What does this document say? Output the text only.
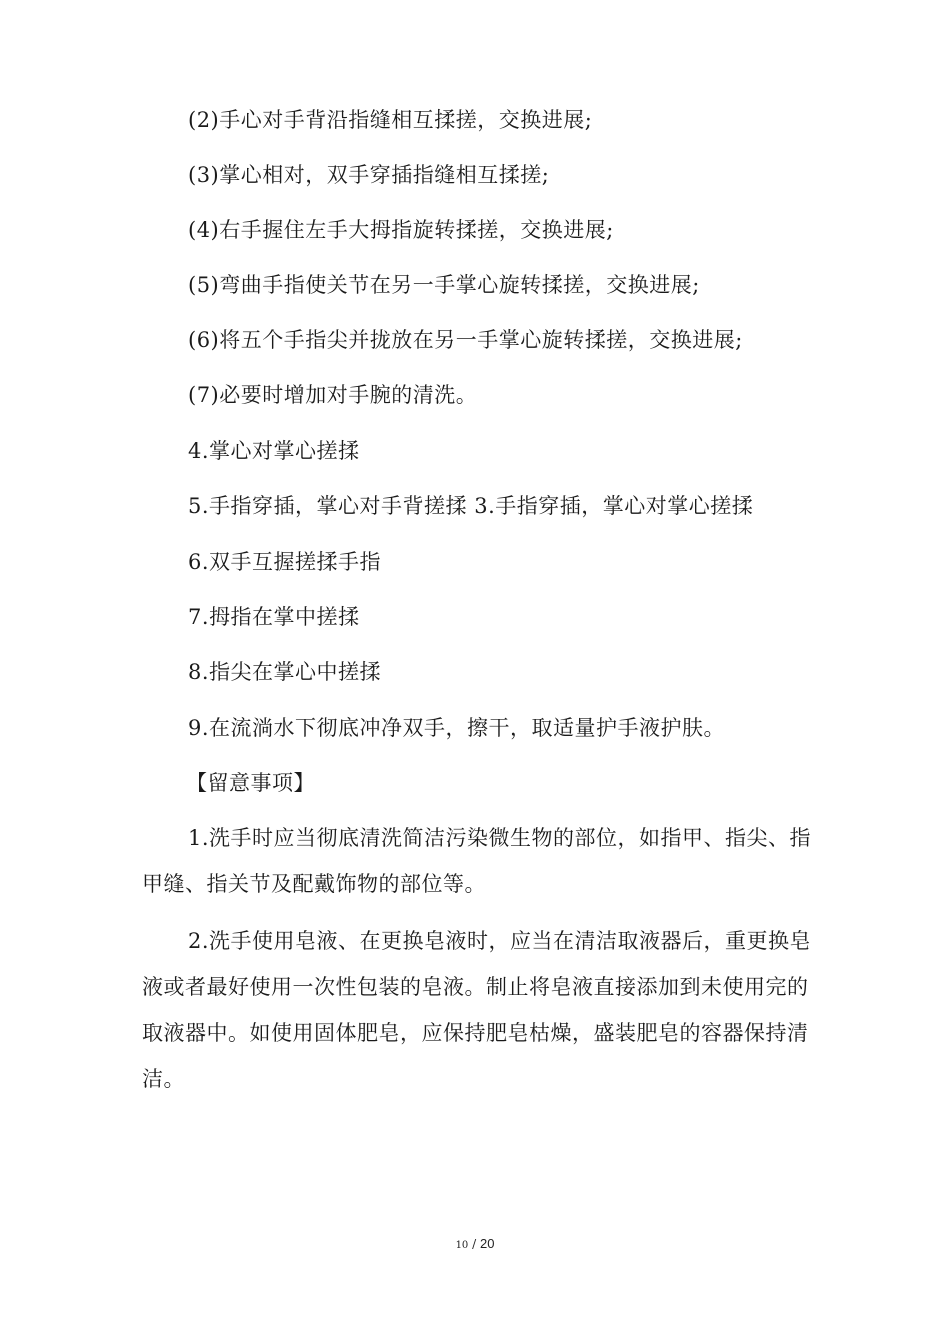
(2)手心对手背沿指缝相互揉搓，交换进展;
(3)掌心相对，双手穿插指缝相互揉搓;
(4)右手握住左手大拇指旋转揉搓，交换进展;
(5)弯曲手指使关节在另一手掌心旋转揉搓，交换进展;
(6)将五个手指尖并拢放在另一手掌心旋转揉搓，交换进展;
(7)必要时增加对手腕的清洗。
4.掌心对掌心搓揉
5.手指穿插，掌心对手背搓揉 3.手指穿插，掌心对掌心搓揉
6.双手互握搓揉手指
7.拇指在掌中搓揉
8.指尖在掌心中搓揉
9.在流淌水下彻底冲净双手，擦干，取适量护手液护肤。
【留意事项】
1.洗手时应当彻底清洗简洁污染微生物的部位，如指甲、指尖、指甲缝、指关节及配戴饰物的部位等。
2.洗手使用皂液、在更换皂液时，应当在清洁取液器后，重更换皂液或者最好使用一次性包装的皂液。制止将皂液直接添加到未使用完的取液器中。如使用固体肥皂，应保持肥皂枯燥，盛装肥皂的容器保持清洁。
10 / 20
